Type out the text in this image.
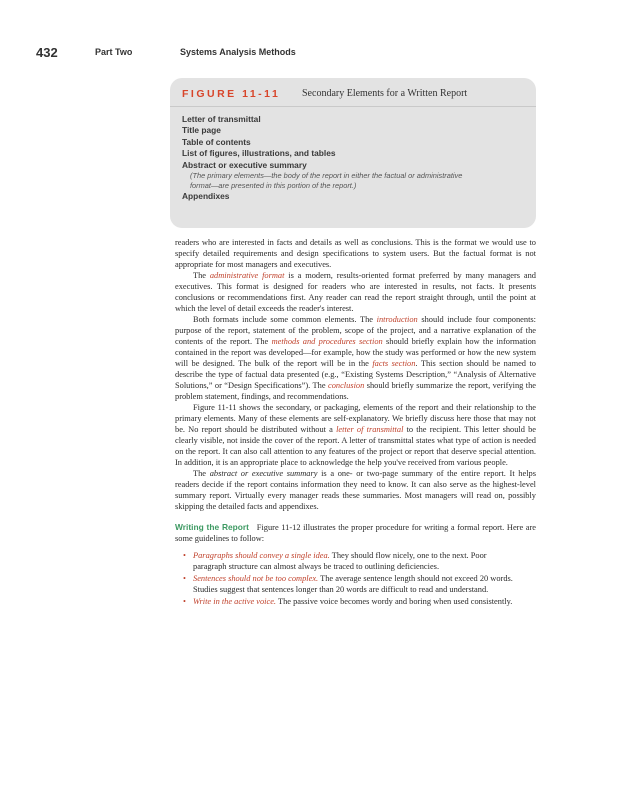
432	Part Two	Systems Analysis Methods
FIGURE 11-11 Secondary Elements for a Written Report
Letter of transmittal
Title page
Table of contents
List of figures, illustrations, and tables
Abstract or executive summary
(The primary elements—the body of the report in either the factual or administrative
format—are presented in this portion of the report.)
Appendixes

readers who are interested in facts and details as well as conclusions. This is the format we would use to specify detailed requirements and design specifications to system users. But the factual format is not appropriate for most managers and executives.

The administrative format is a modern, results-oriented format preferred by many managers and executives. This format is designed for readers who are interested in results, not facts. It presents conclusions or recommendations first. Any reader can read the report straight through, until the point at which the level of detail exceeds the reader's interest.

Both formats include some common elements. The introduction should include four components: purpose of the report, statement of the problem, scope of the project, and a narrative explanation of the contents of the report. The methods and procedures section should briefly explain how the information contained in the report was developed—for example, how the study was performed or how the new system will be designed. The bulk of the report will be in the facts section. This section should be named to describe the type of factual data presented (e.g., “Existing Systems Description,” “Analysis of Alternative Solutions,” or “Design Specifications”). The conclusion should briefly summarize the report, verifying the problem statement, findings, and recommendations.

Figure 11-11 shows the secondary, or packaging, elements of the report and their relationship to the primary elements. Many of these elements are self-explanatory. We briefly discuss here those that may not be. No report should be distributed without a letter of transmittal to the recipient. This letter should be clearly visible, not inside the cover of the report. A letter of transmittal states what type of action is needed on the report. It can also call attention to any features of the project or report that deserve special attention. In addition, it is an appropriate place to acknowledge the help you've received from various people.

The abstract or executive summary is a one- or two-page summary of the entire report. It helps readers decide if the report contains information they need to know. It can also serve as the highest-level summary report. Virtually every manager reads these summaries. Most managers will read on, possibly skipping the detailed facts and appendixes.

Writing the Report Figure 11-12 illustrates the proper procedure for writing a formal report. Here are some guidelines to follow:

• Paragraphs should convey a single idea. They should flow nicely, one to the next. Poor paragraph structure can almost always be traced to outlining deficiencies.
• Sentences should not be too complex. The average sentence length should not exceed 20 words. Studies suggest that sentences longer than 20 words are difficult to read and understand.
• Write in the active voice. The passive voice becomes wordy and boring when used consistently.
